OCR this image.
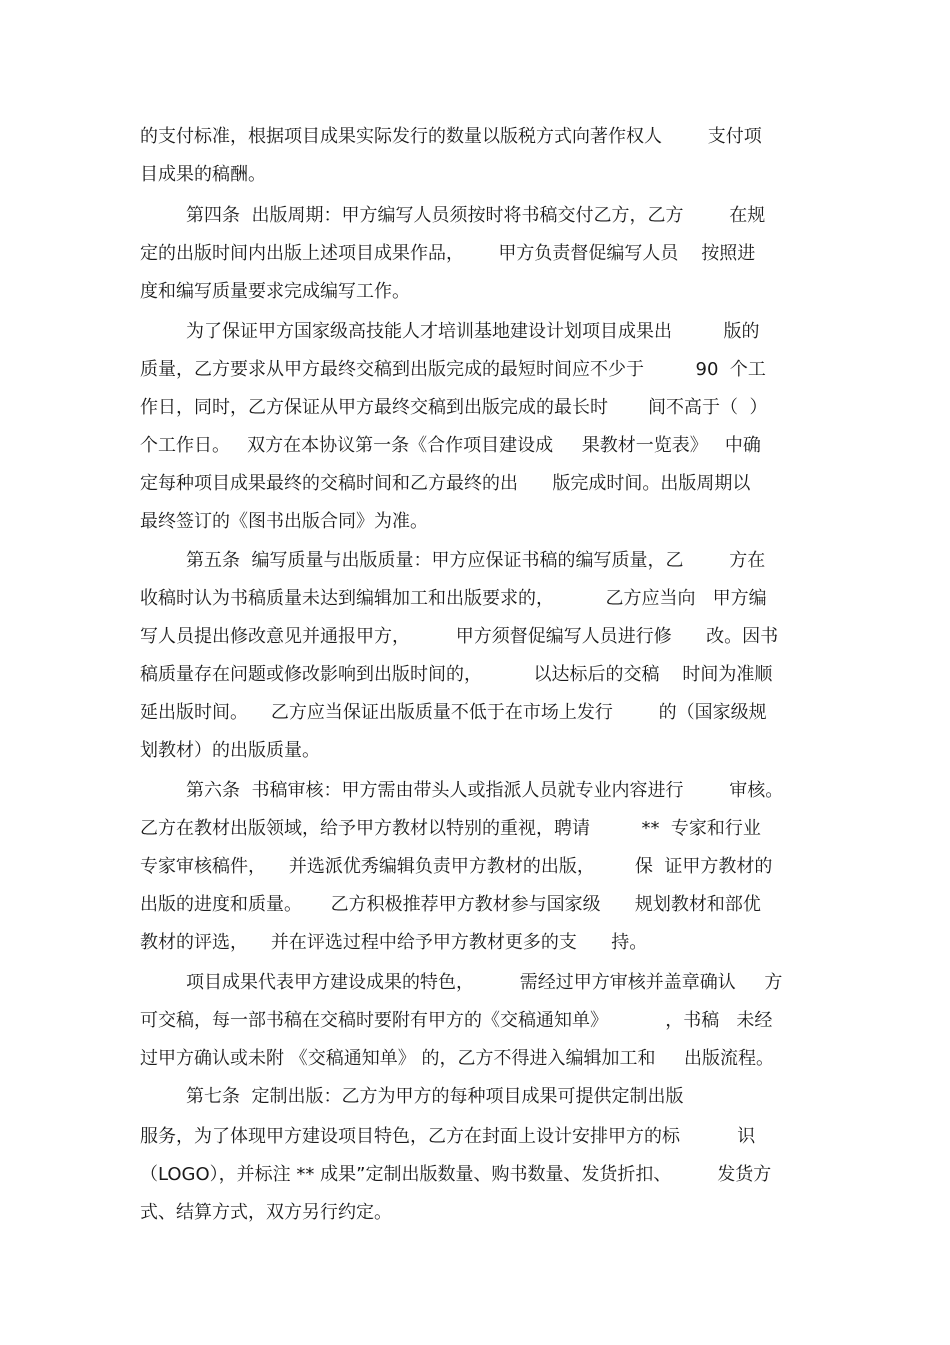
的支付标准，根据项目成果实际发行的数量以版税方式向著作权人        支付项
目成果的稿酬。
第四条  出版周期：甲方编写人员须按时将书稿交付乙方，乙方        在规
定的出版时间内出版上述项目成果作品，      甲方负责督促编写人员    按照进
度和编写质量要求完成编写工作。
为了保证甲方国家级高技能人才培训基地建设计划项目成果出         版的
质量，乙方要求从甲方最终交稿到出版完成的最短时间应不少于         90  个工
作日，同时，乙方保证从甲方最终交稿到出版完成的最长时       间不高于（  ）
个工作日。   双方在本协议第一条《合作项目建设成     果教材一览表》   中确
定每种项目成果最终的交稿时间和乙方最终的出      版完成时间。出版周期以
最终签订的《图书出版合同》为准。
第五条  编写质量与出版质量：甲方应保证书稿的编写质量，乙        方在
收稿时认为书稿质量未达到编辑加工和出版要求的，         乙方应当向   甲方编
写人员提出修改意见并通报甲方，        甲方须督促编写人员进行修      改。因书
稿质量存在问题或修改影响到出版时间的，         以达标后的交稿    时间为准顺
延出版时间。    乙方应当保证出版质量不低于在市场上发行        的（国家级规
划教材）的出版质量。
第六条  书稿审核：甲方需由带头人或指派人员就专业内容进行        审核。
乙方在教材出版领域，给予甲方教材以特别的重视，聘请         **  专家和行业
专家审核稿件，    并选派优秀编辑负责甲方教材的出版，       保  证甲方教材的
出版的进度和质量。     乙方积极推荐甲方教材参与国家级      规划教材和部优
教材的评选，    并在评选过程中给予甲方教材更多的支      持。
项目成果代表甲方建设成果的特色，        需经过甲方审核并盖章确认     方
可交稿，每一部书稿在交稿时要附有甲方的《交稿通知单》          ，书稿   未经
过甲方确认或未附 《交稿通知单》 的，乙方不得进入编辑加工和     出版流程。
第七条  定制出版：乙方为甲方的每种项目成果可提供定制出版
服务，为了体现甲方建设项目特色，乙方在封面上设计安排甲方的标          识
（LOGO），并标注 ** 成果”定制出版数量、购书数量、发货折扣、        发货方
式、结算方式，双方另行约定。
